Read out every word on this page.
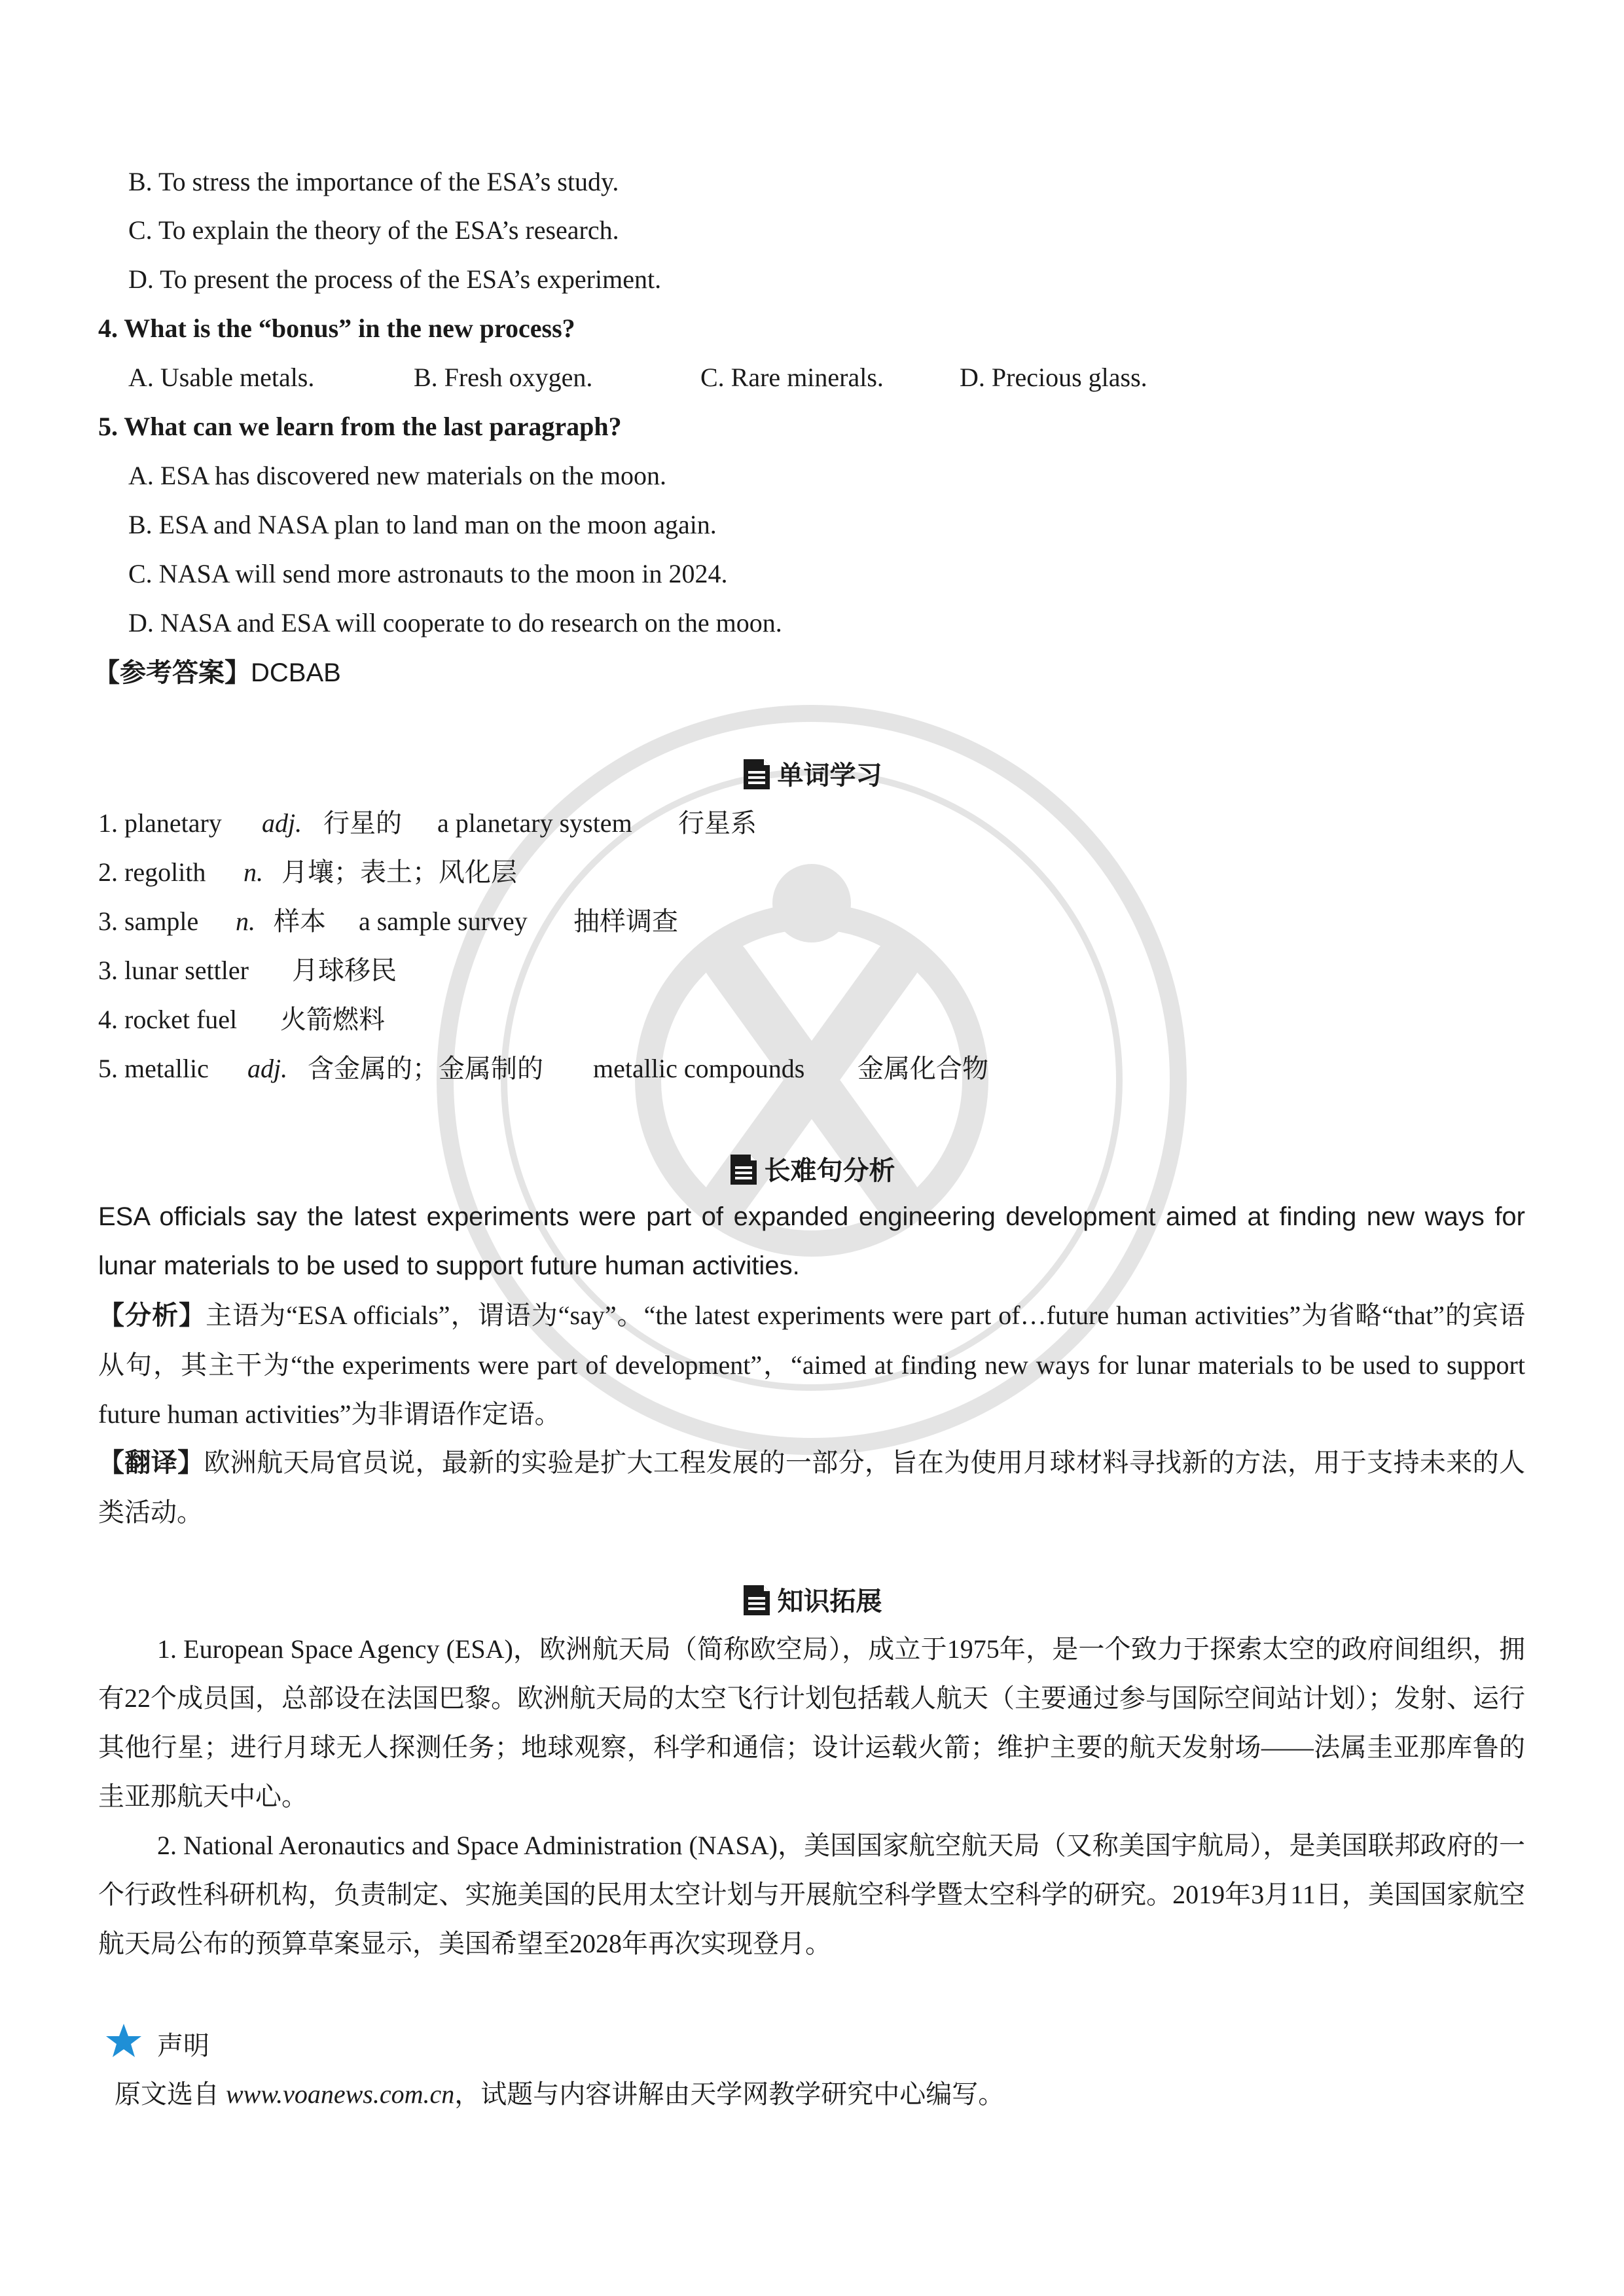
B. To stress the importance of the ESA’s study.
C. To explain the theory of the ESA’s research.
D. To present the process of the ESA’s experiment.
4. What is the “bonus” in the new process?
A. Usable metals.	B. Fresh oxygen.	C. Rare minerals.	D. Precious glass.
5. What can we learn from the last paragraph?
A. ESA has discovered new materials on the moon.
B. ESA and NASA plan to land man on the moon again.
C. NASA will send more astronauts to the moon in 2024.
D. NASA and ESA will cooperate to do research on the moon.
【参考答案】DCBAB
单词学习
1. planetary adj. 行星的 a planetary system 行星系
2. regolith n. 月壤；表土；风化层
3. sample n. 样本 a sample survey 抽样调查
3. lunar settler 月球移民
4. rocket fuel 火箭燃料
5. metallic adj. 含金属的；金属制的 metallic compounds 金属化合物
长难句分析
ESA officials say the latest experiments were part of expanded engineering development aimed at finding new ways for lunar materials to be used to support future human activities.
【分析】主语为“ESA officials”，谓语为“say”。“the latest experiments were part of…future human activities”为省略“that”的宾语从句，其主干为“the experiments were part of development”，“aimed at finding new ways for lunar materials to be used to support future human activities”为非谓语作定语。
【翻译】欧洲航天局官员说，最新的实验是扩大工程发展的一部分，旨在为使用月球材料寻找新的方法，用于支持未来的人类活动。
知识拓展
1. European Space Agency (ESA)，欧洲航天局（简称欧空局），成立于1975年，是一个致力于探索太空的政府间组织，拥有22个成员国，总部设在法国巴黎。欧洲航天局的太空飞行计划包括载人航天（主要通过参与国际空间站计划）；发射、运行其他行星；进行月球无人探测任务；地球观察，科学和通信；设计运载火箭；维护主要的航天发射场——法属圭亚那库鲁的圭亚那航天中心。
2. National Aeronautics and Space Administration (NASA)，美国国家航空航天局（又称美国宇航局），是美国联邦政府的一个行政性科研机构，负责制定、实施美国的民用太空计划与开展航空科学暨太空科学的研究。2019年3月11日，美国国家航空航天局公布的预算草案显示，美国希望至2028年再次实现登月。
声明
原文选自 www.voanews.com.cn，试题与内容讲解由天学网教学研究中心编写。
